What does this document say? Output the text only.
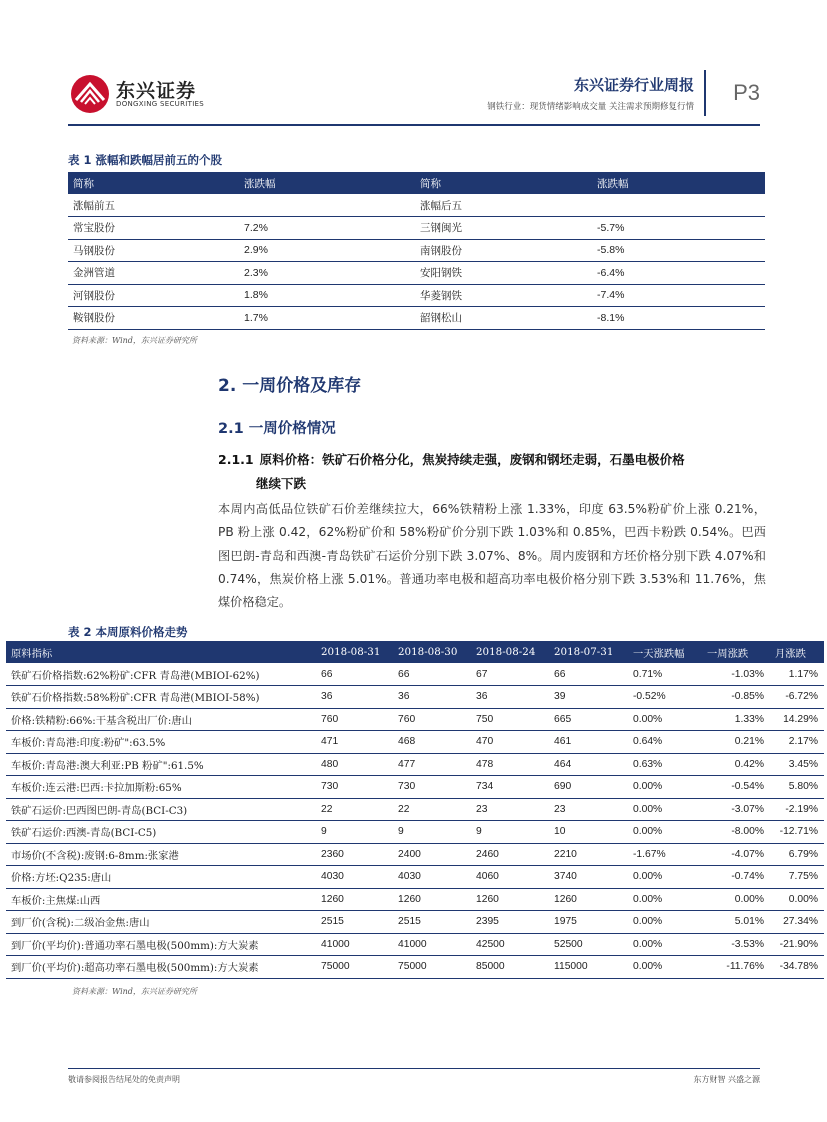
东兴证券
DONGXING SECURITIES
东兴证券行业周报
钢铁行业：现货情绪影响成交量 关注需求预期修复行情
P3
表 1 涨幅和跌幅居前五的个股
简称	涨跌幅	简称	涨跌幅
涨幅前五		涨幅后五	
常宝股份	7.2%	三钢闽光	-5.7%
马钢股份	2.9%	南钢股份	-5.8%
金洲管道	2.3%	安阳钢铁	-6.4%
河钢股份	1.8%	华菱钢铁	-7.4%
鞍钢股份	1.7%	韶钢松山	-8.1%
资料来源：Wind，东兴证券研究所
2. 一周价格及库存
2.1 一周价格情况
2.1.1 原料价格：铁矿石价格分化，焦炭持续走强，废钢和钢坯走弱，石墨电极价格
继续下跌
本周内高低品位铁矿石价差继续拉大，66%铁精粉上涨 1.33%，印度 63.5%粉矿价上涨 0.21%，PB 粉上涨 0.42，62%粉矿价和 58%粉矿价分别下跌 1.03%和 0.85%，巴西卡粉跌 0.54%。巴西图巴朗-青岛和西澳-青岛铁矿石运价分别下跌 3.07%、8%。周内废钢和方坯价格分别下跌 4.07%和 0.74%，焦炭价格上涨 5.01%。普通功率电极和超高功率电极价格分别下跌 3.53%和 11.76%，焦煤价格稳定。
表 2 本周原料价格走势
原料指标	2018-08-31	2018-08-30	2018-08-24	2018-07-31	一天涨跌幅	一周涨跌	月涨跌
铁矿石价格指数:62%粉矿:CFR 青岛港(MBIOI-62%)	66	66	67	66	0.71%	-1.03%	1.17%
铁矿石价格指数:58%粉矿:CFR 青岛港(MBIOI-58%)	36	36	36	39	-0.52%	-0.85%	-6.72%
价格:铁精粉:66%:干基含税出厂价:唐山	760	760	750	665	0.00%	1.33%	14.29%
车板价:青岛港:印度:粉矿":63.5%	471	468	470	461	0.64%	0.21%	2.17%
车板价:青岛港:澳大利亚:PB 粉矿":61.5%	480	477	478	464	0.63%	0.42%	3.45%
车板价:连云港:巴西:卡拉加斯粉:65%	730	730	734	690	0.00%	-0.54%	5.80%
铁矿石运价:巴西图巴朗-青岛(BCI-C3)	22	22	23	23	0.00%	-3.07%	-2.19%
铁矿石运价:西澳-青岛(BCI-C5)	9	9	9	10	0.00%	-8.00%	-12.71%
市场价(不含税):废钢:6-8mm:张家港	2360	2400	2460	2210	-1.67%	-4.07%	6.79%
价格:方坯:Q235:唐山	4030	4030	4060	3740	0.00%	-0.74%	7.75%
车板价:主焦煤:山西	1260	1260	1260	1260	0.00%	0.00%	0.00%
到厂价(含税):二级冶金焦:唐山	2515	2515	2395	1975	0.00%	5.01%	27.34%
到厂价(平均价):普通功率石墨电极(500mm):方大炭素	41000	41000	42500	52500	0.00%	-3.53%	-21.90%
到厂价(平均价):超高功率石墨电极(500mm):方大炭素	75000	75000	85000	115000	0.00%	-11.76%	-34.78%
资料来源：Wind，东兴证券研究所
敬请参阅报告结尾处的免责声明	东方财智 兴盛之源
